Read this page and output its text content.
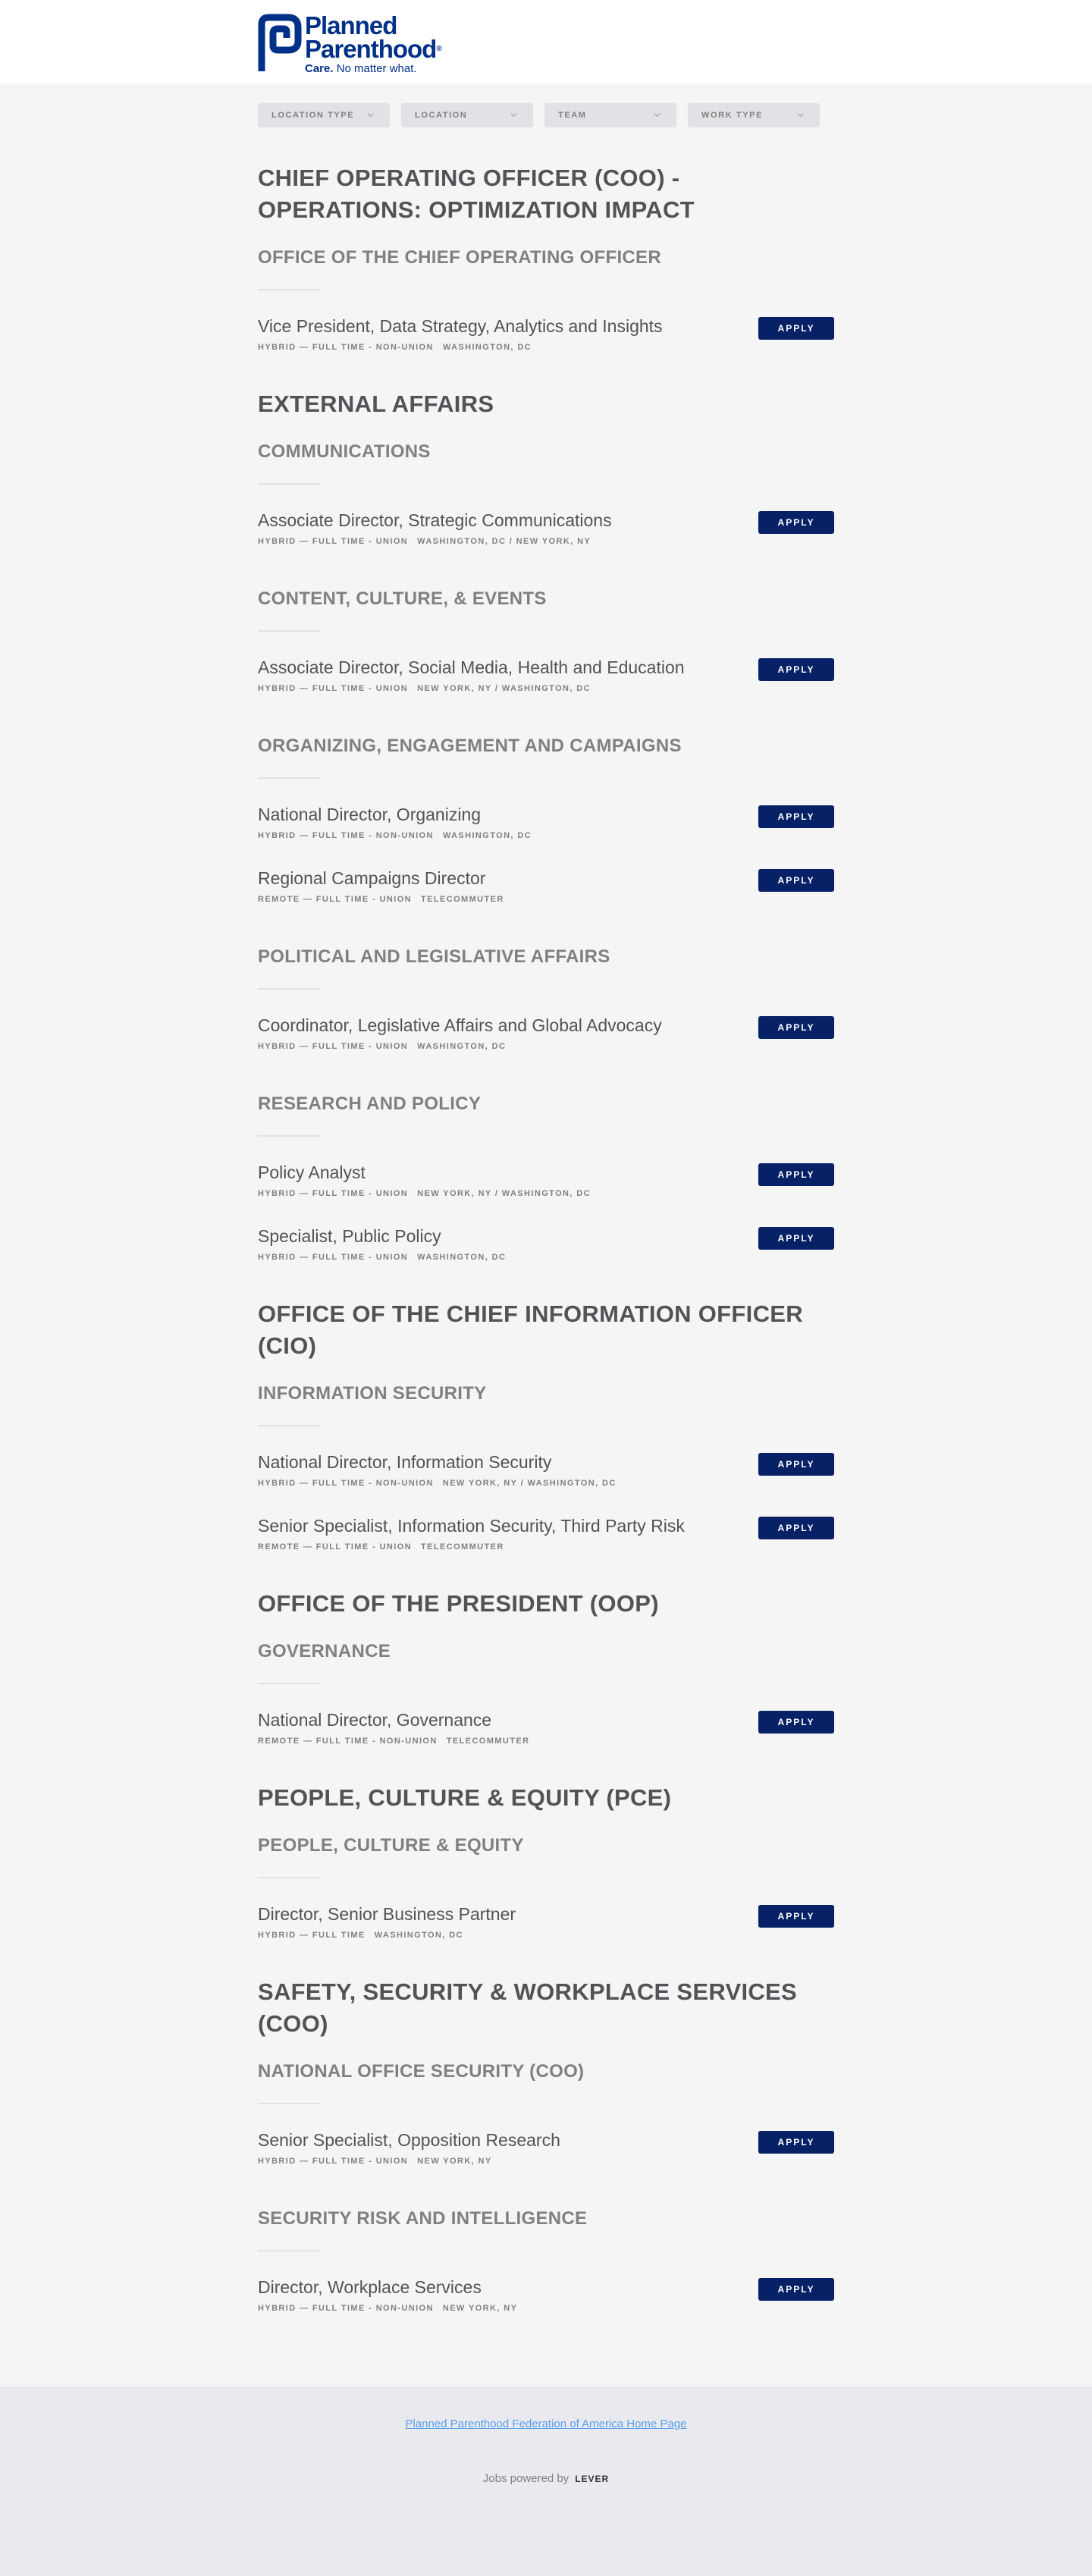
Planned
Parenthood®
Care. No matter what.
LOCATION TYPE	LOCATION	TEAM	WORK TYPE
CHIEF OPERATING OFFICER (COO) - OPERATIONS: OPTIMIZATION IMPACT
OFFICE OF THE CHIEF OPERATING OFFICER
Vice President, Data Strategy, Analytics and Insights
HYBRID — FULL TIME - NON-UNION WASHINGTON, DC
APPLY
EXTERNAL AFFAIRS
COMMUNICATIONS
Associate Director, Strategic Communications
HYBRID — FULL TIME - UNION WASHINGTON, DC / NEW YORK, NY
APPLY
CONTENT, CULTURE, & EVENTS
Associate Director, Social Media, Health and Education
HYBRID — FULL TIME - UNION NEW YORK, NY / WASHINGTON, DC
APPLY
ORGANIZING, ENGAGEMENT AND CAMPAIGNS
National Director, Organizing
HYBRID — FULL TIME - NON-UNION WASHINGTON, DC
APPLY
Regional Campaigns Director
REMOTE — FULL TIME - UNION TELECOMMUTER
APPLY
POLITICAL AND LEGISLATIVE AFFAIRS
Coordinator, Legislative Affairs and Global Advocacy
HYBRID — FULL TIME - UNION WASHINGTON, DC
APPLY
RESEARCH AND POLICY
Policy Analyst
HYBRID — FULL TIME - UNION NEW YORK, NY / WASHINGTON, DC
APPLY
Specialist, Public Policy
HYBRID — FULL TIME - UNION WASHINGTON, DC
APPLY
OFFICE OF THE CHIEF INFORMATION OFFICER (CIO)
INFORMATION SECURITY
National Director, Information Security
HYBRID — FULL TIME - NON-UNION NEW YORK, NY / WASHINGTON, DC
APPLY
Senior Specialist, Information Security, Third Party Risk
REMOTE — FULL TIME - UNION TELECOMMUTER
APPLY
OFFICE OF THE PRESIDENT (OOP)
GOVERNANCE
National Director, Governance
REMOTE — FULL TIME - NON-UNION TELECOMMUTER
APPLY
PEOPLE, CULTURE & EQUITY (PCE)
PEOPLE, CULTURE & EQUITY
Director, Senior Business Partner
HYBRID — FULL TIME WASHINGTON, DC
APPLY
SAFETY, SECURITY & WORKPLACE SERVICES (COO)
NATIONAL OFFICE SECURITY (COO)
Senior Specialist, Opposition Research
HYBRID — FULL TIME - UNION NEW YORK, NY
APPLY
SECURITY RISK AND INTELLIGENCE
Director, Workplace Services
HYBRID — FULL TIME - NON-UNION NEW YORK, NY
APPLY
Planned Parenthood Federation of America Home Page
Jobs powered by LEVER
